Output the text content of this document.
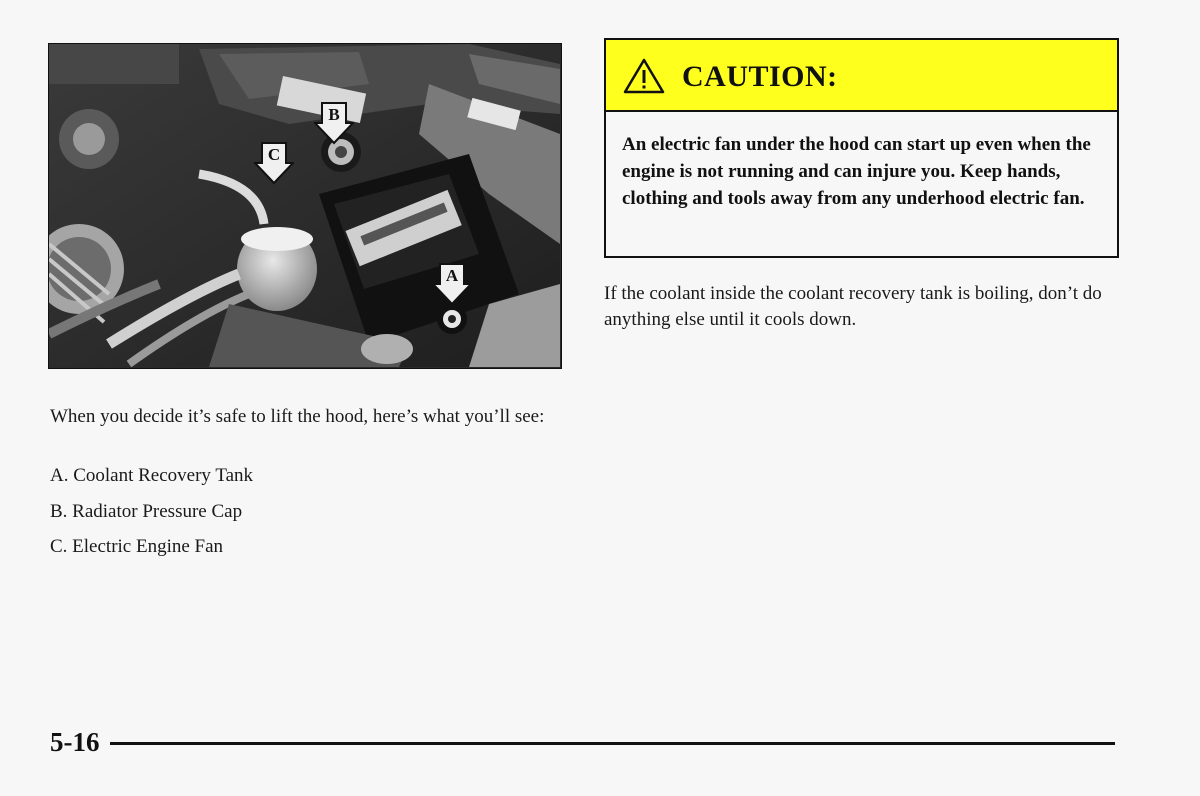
B
C
A

When you decide it’s safe to lift the hood, here’s what you’ll see:

A. Coolant Recovery Tank
B. Radiator Pressure Cap
C. Electric Engine Fan
CAUTION:

An electric fan under the hood can start up even when the engine is not running and can injure you. Keep hands, clothing and tools away from any underhood electric fan.

If the coolant inside the coolant recovery tank is boiling, don’t do anything else until it cools down.

5-16
